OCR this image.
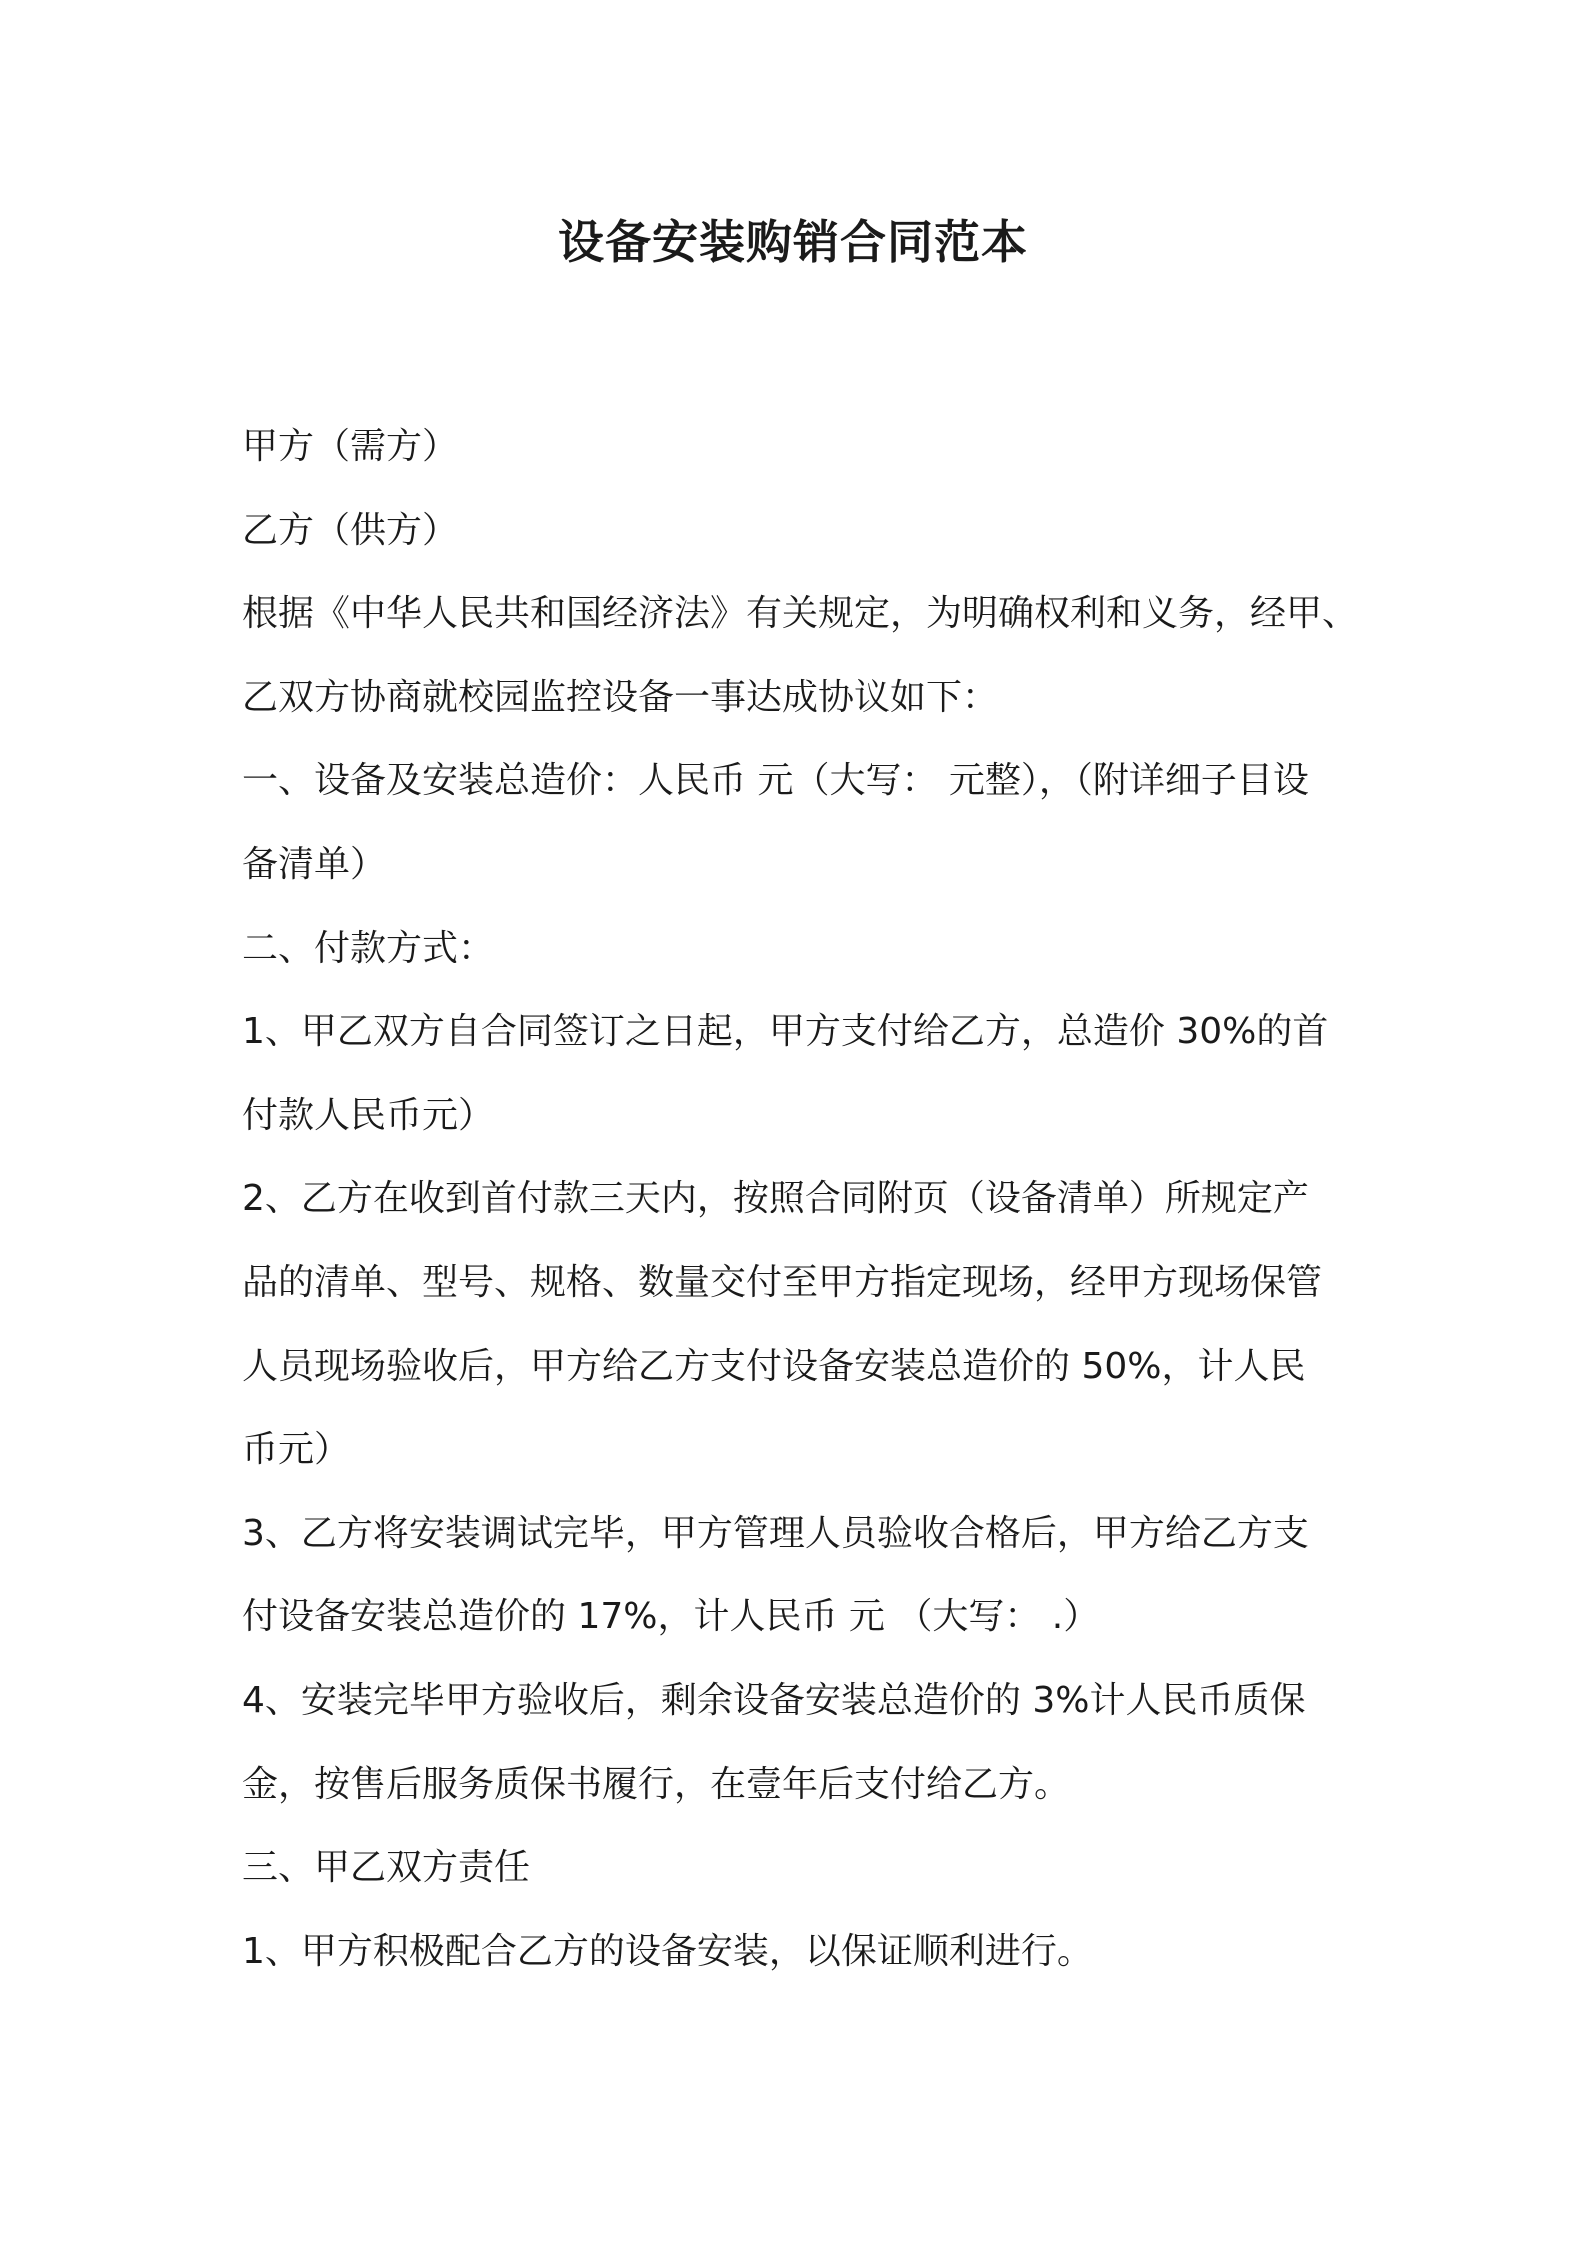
设备安装购销合同范本
甲方（需方）
乙方（供方）
根据《中华人民共和国经济法》有关规定，为明确权利和义务，经甲、
乙双方协商就校园监控设备一事达成协议如下：
一、设备及安装总造价：人民币 元（大写： 元整），（附详细子目设
备清单）
二、付款方式：
1、甲乙双方自合同签订之日起，甲方支付给乙方，总造价 30%的首
付款人民币元）
2、乙方在收到首付款三天内，按照合同附页（设备清单）所规定产
品的清单、型号、规格、数量交付至甲方指定现场，经甲方现场保管
人员现场验收后，甲方给乙方支付设备安装总造价的 50%，计人民
币元）
3、乙方将安装调试完毕，甲方管理人员验收合格后，甲方给乙方支
付设备安装总造价的 17%，计人民币 元 （大写： .）
4、安装完毕甲方验收后，剩余设备安装总造价的 3%计人民币质保
金，按售后服务质保书履行，在壹年后支付给乙方。
三、甲乙双方责任
1、甲方积极配合乙方的设备安装，以保证顺利进行。
